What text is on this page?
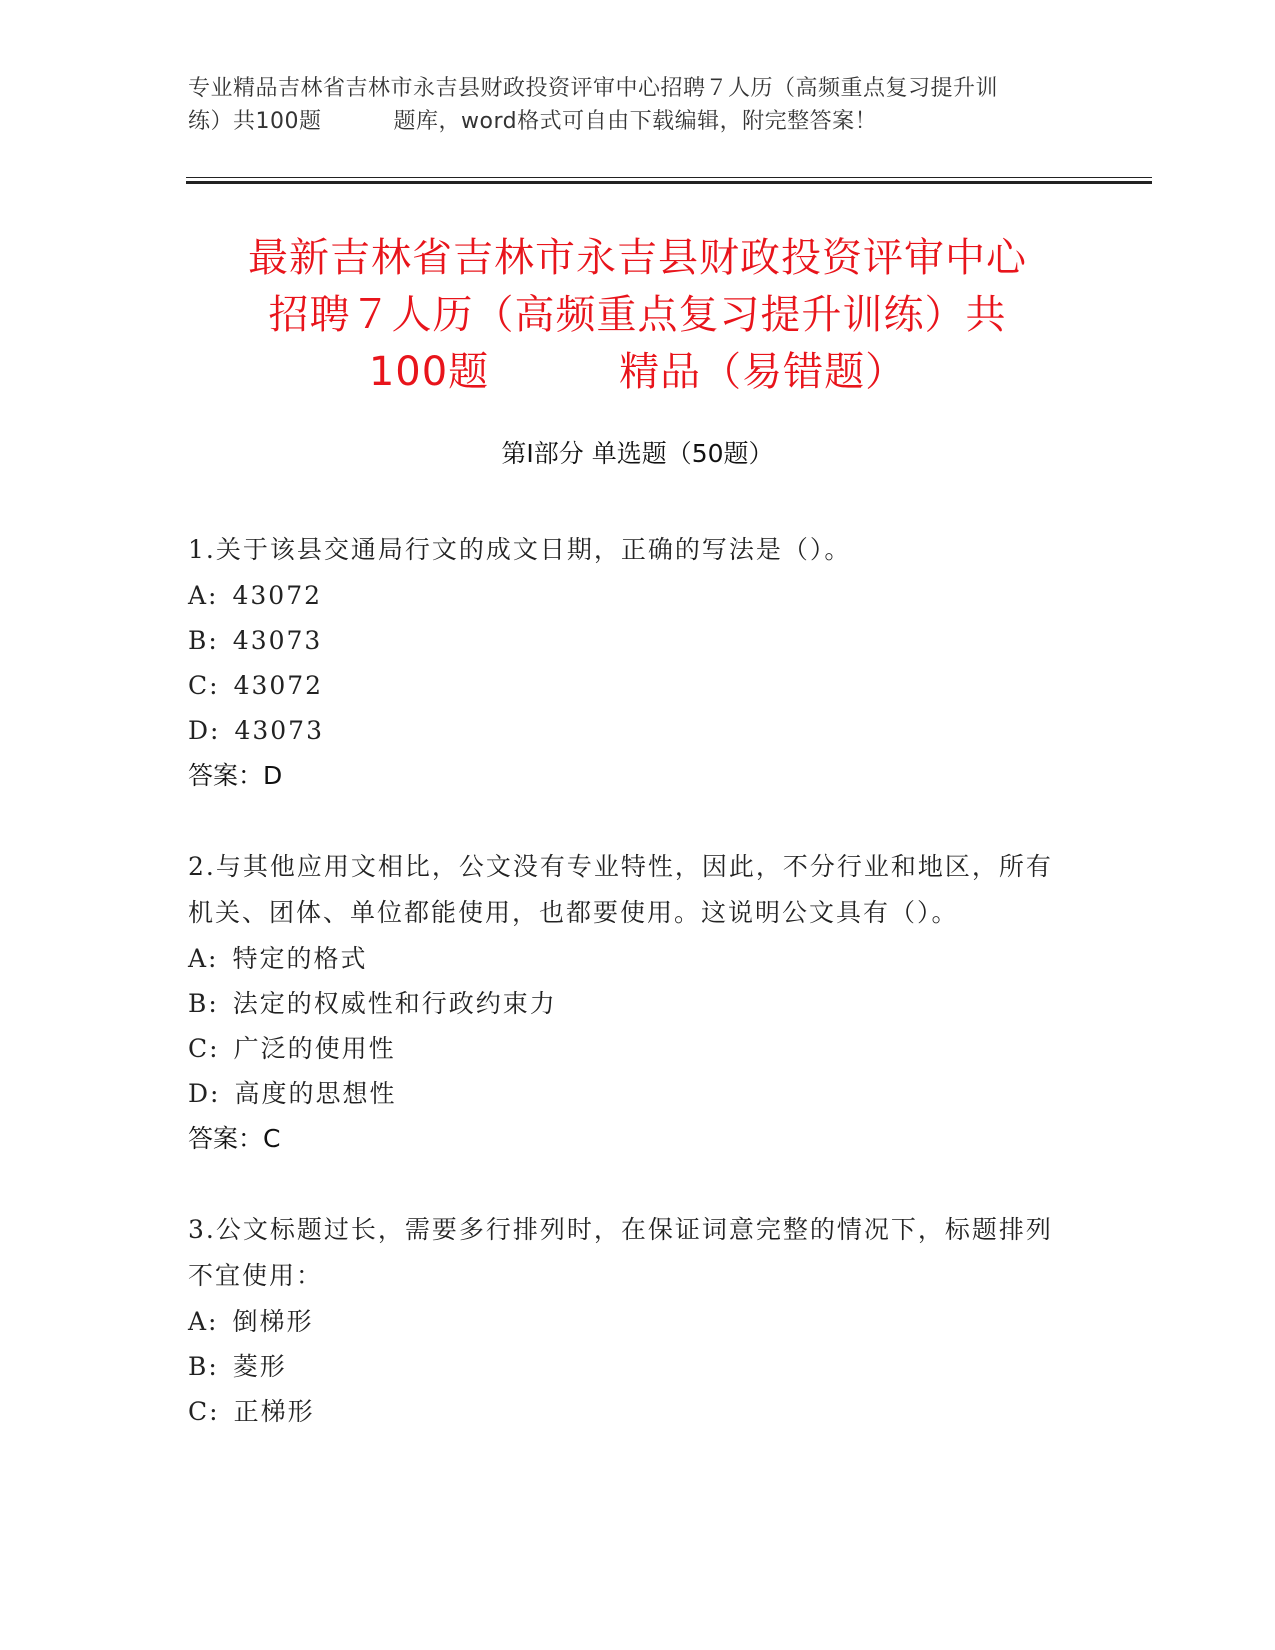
专业精品吉林省吉林市永吉县财政投资评审中心招聘７人历（高频重点复习提升训
练）共100题	题库，word格式可自由下载编辑，附完整答案！
最新吉林省吉林市永吉县财政投资评审中心
招聘７人历（高频重点复习提升训练）共
100题	精品（易错题）
第Ⅰ部分 单选题（50题）
1.关于该县交通局行文的成文日期，正确的写法是（）。
A: 43072
B: 43073
C: 43072
D: 43073
答案：D
2.与其他应用文相比，公文没有专业特性，因此，不分行业和地区，所有机关、团体、单位都能使用，也都要使用。这说明公文具有（）。
A: 特定的格式
B: 法定的权威性和行政约束力
C: 广泛的使用性
D: 高度的思想性
答案：C
3.公文标题过长，需要多行排列时，在保证词意完整的情况下，标题排列不宜使用：
A: 倒梯形
B: 菱形
C: 正梯形
